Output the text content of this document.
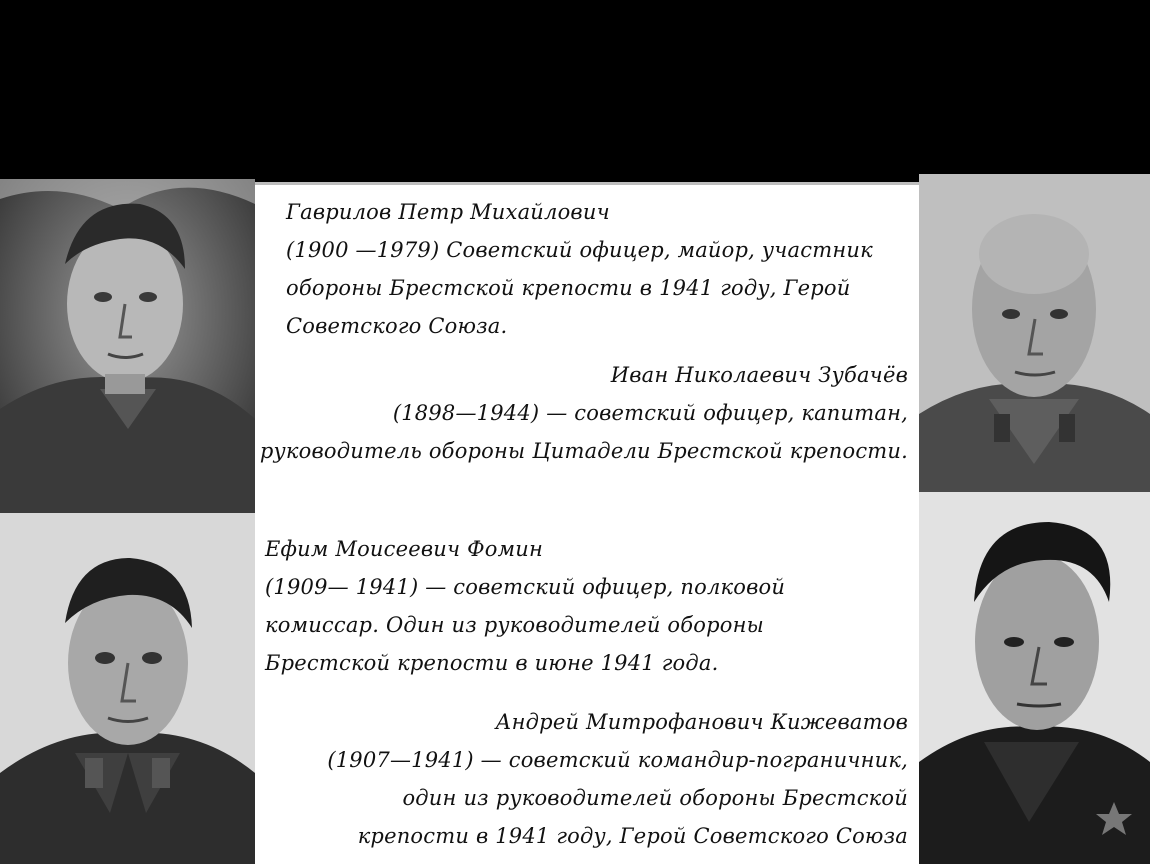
Гаврилов Петр Михайлович
(1900 —1979) Советский офицер, майор, участник
обороны Брестской крепости в 1941 году, Герой
Советского Союза.
Иван Николаевич Зубачёв
(1898—1944) — советский офицер, капитан,
руководитель обороны Цитадели Брестской крепости.
Ефим Моисеевич Фомин
(1909— 1941) — советский офицер, полковой
комиссар. Один из руководителей обороны
Брестской крепости в июне 1941 года.
Андрей Митрофанович Кижеватов
(1907—1941) — советский командир-пограничник,
один из руководителей обороны Брестской
крепости в 1941 году, Герой Советского Союза
